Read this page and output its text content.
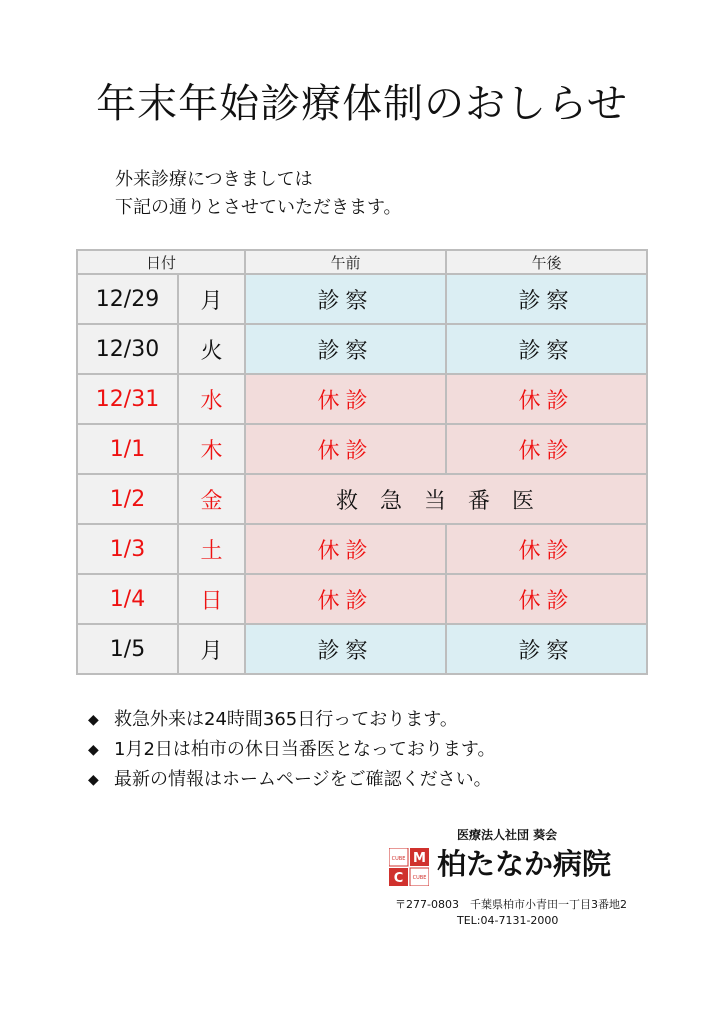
年末年始診療体制のおしらせ
外来診療につきましては
下記の通りとさせていただきます。
日付		午前	午後
12/29	月	診察	診察
12/30	火	診察	診察
12/31	水	休診	休診
1/1	木	休診	休診
1/2	金	救急当番医	
1/3	土	休診	休診
1/4	日	休診	休診
1/5	月	診察	診察
◆ 救急外来は24時間365日行っております。
◆ 1月2日は柏市の休日当番医となっております。
◆ 最新の情報はホームページをご確認ください。
医療法人社団 葵会
CUBE M
C CUBE 柏たなか病院
〒277-0803　千葉県柏市小青田一丁目3番地2
TEL:04-7131-2000
